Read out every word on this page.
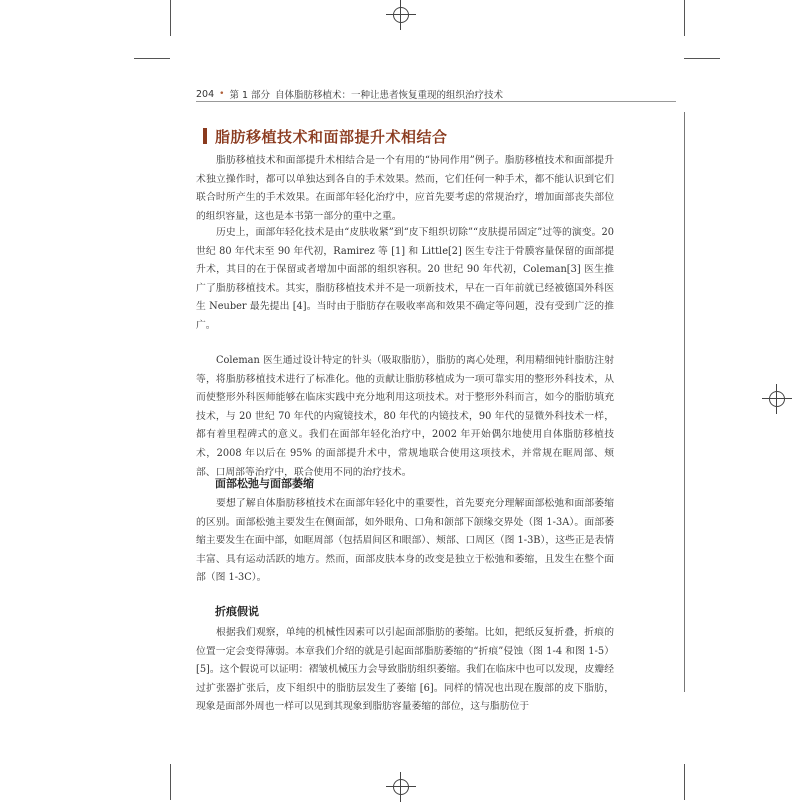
204 • 第 1 部分 自体脂肪移植术：一种让患者恢复重现的组织治疗技术
脂肪移植技术和面部提升术相结合

脂肪移植技术和面部提升术相结合是一个有用的“协同作用”例子。脂肪移植技术和面部提升术独立操作时，都可以单独达到各自的手术效果。然而，它们任何一种手术，都不能认识到它们联合时所产生的手术效果。在面部年轻化治疗中，应首先要考虑的常规治疗，增加面部丧失部位的组织容量，这也是本书第一部分的重中之重。

历史上，面部年轻化技术是由“皮肤收紧”到“皮下组织切除”“皮肤提吊固定”过等的演变。20 世纪 80 年代末至 90 年代初，Ramirez 等 [1] 和 Little[2] 医生专注于骨膜容量保留的面部提升术，其目的在于保留或者增加中面部的组织容积。20 世纪 90 年代初，Coleman[3] 医生推广了脂肪移植技术。其实，脂肪移植技术并不是一项新技术，早在一百年前就已经被德国外科医生 Neuber 最先提出 [4]。当时由于脂肪存在吸收率高和效果不确定等问题，没有受到广泛的推广。

Coleman 医生通过设计特定的针头（吸取脂肪），脂肪的离心处理，利用精细钝针脂肪注射等，将脂肪移植技术进行了标准化。他的贡献让脂肪移植成为一项可靠实用的整形外科技术，从而使整形外科医师能够在临床实践中充分地利用这项技术。对于整形外科而言，如今的脂肪填充技术，与 20 世纪 70 年代的内窥镜技术，80 年代的内镜技术，90 年代的显微外科技术一样，都有着里程碑式的意义。我们在面部年轻化治疗中，2002 年开始偶尔地使用自体脂肪移植技术，2008 年以后在 95% 的面部提升术中，常规地联合使用这项技术，并常规在眶周部、颊部、口周部等治疗中，联合使用不同的治疗技术。

面部松弛与面部萎缩

要想了解自体脂肪移植技术在面部年轻化中的重要性，首先要充分理解面部松弛和面部萎缩的区别。面部松弛主要发生在侧面部，如外眼角、口角和颌部下颌缘交界处（图 1-3A）。面部萎缩主要发生在面中部，如眶周部（包括眉间区和眼部）、颊部、口周区（图 1-3B），这些正是表情丰富、具有运动活跃的地方。然而，面部皮肤本身的改变是独立于松弛和萎缩，且发生在整个面部（图 1-3C）。

折痕假说

根据我们观察，单纯的机械性因素可以引起面部脂肪的萎缩。比如，把纸反复折叠，折痕的位置一定会变得薄弱。本章我们介绍的就是引起面部脂肪萎缩的“折痕”侵蚀（图 1-4 和图 1-5）[5]。这个假说可以证明：褶皱机械压力会导致脂肪组织萎缩。我们在临床中也可以发现，皮瓣经过扩张器扩张后，皮下组织中的脂肪层发生了萎缩 [6]。同样的情况也出现在腹部的皮下脂肪，现象是面部外周也一样可以见到其现象到脂肪容量萎缩的部位，这与脂肪位于
